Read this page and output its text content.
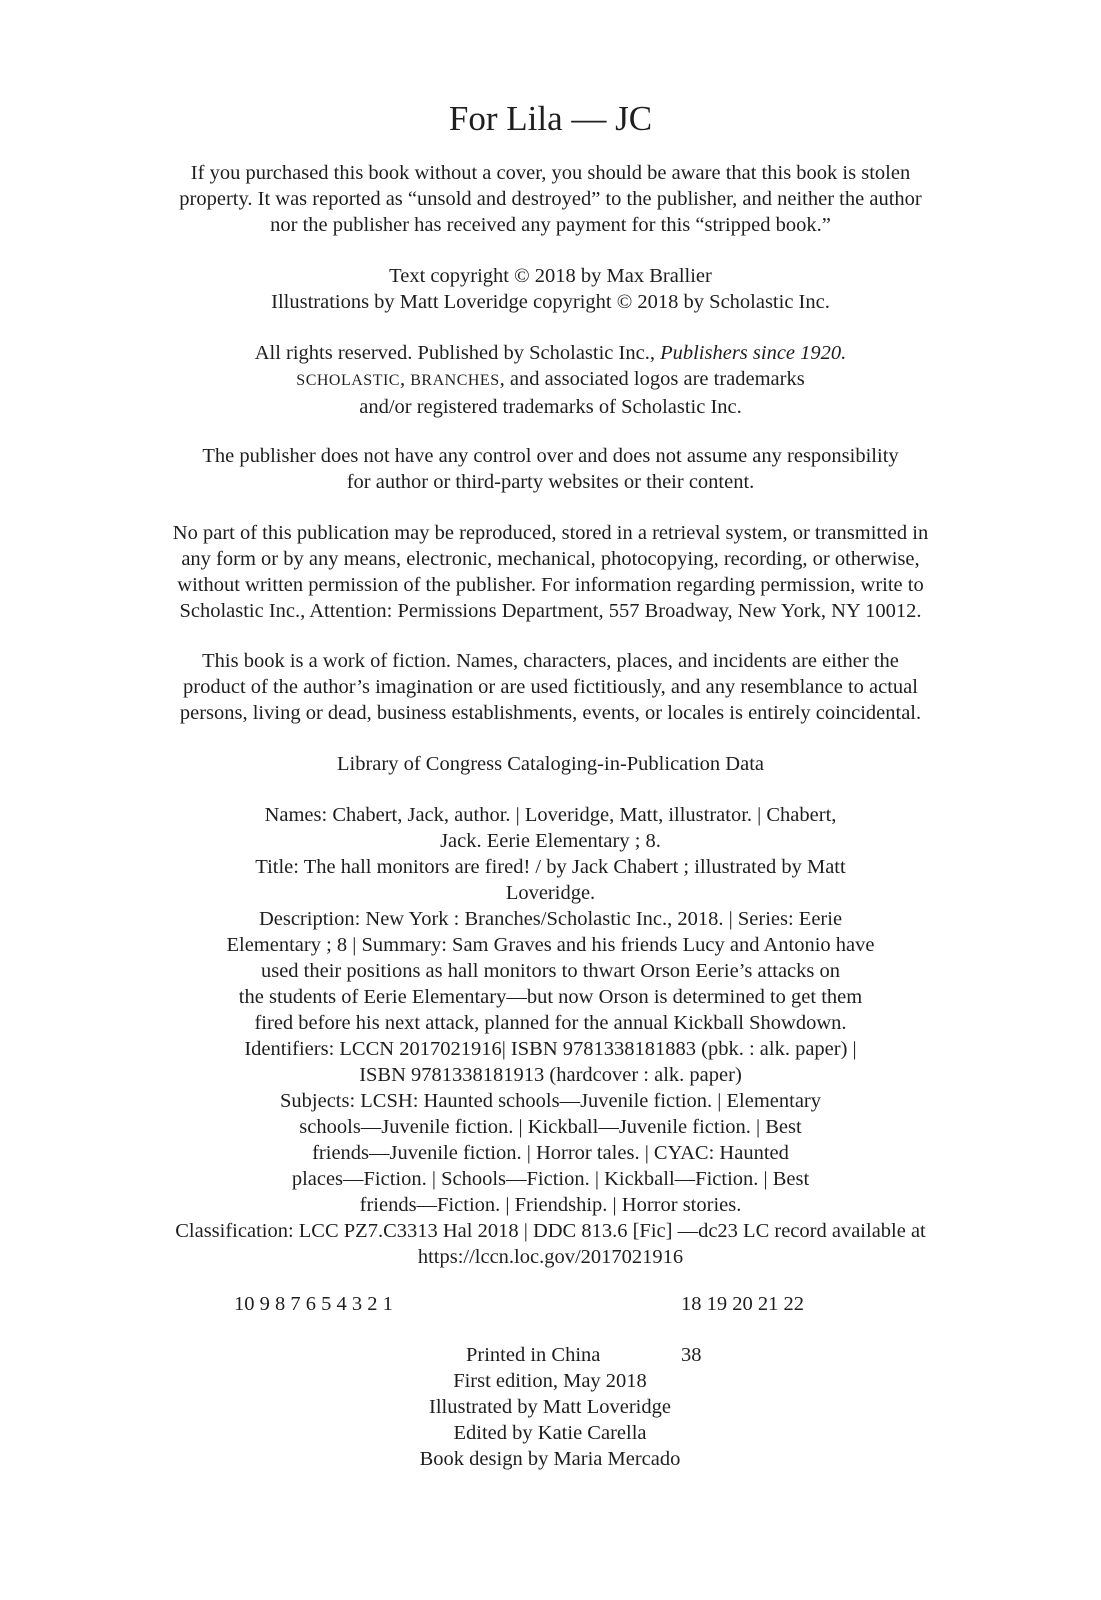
For Lila — JC

If you purchased this book without a cover, you should be aware that this book is stolen
property. It was reported as “unsold and destroyed” to the publisher, and neither the author
nor the publisher has received any payment for this “stripped book.”

Text copyright © 2018 by Max Brallier
Illustrations by Matt Loveridge copyright © 2018 by Scholastic Inc.

All rights reserved. Published by Scholastic Inc., Publishers since 1920.
SCHOLASTIC, BRANCHES, and associated logos are trademarks
and/or registered trademarks of Scholastic Inc.

The publisher does not have any control over and does not assume any responsibility
for author or third-party websites or their content.

No part of this publication may be reproduced, stored in a retrieval system, or transmitted in
any form or by any means, electronic, mechanical, photocopying, recording, or otherwise,
without written permission of the publisher. For information regarding permission, write to
Scholastic Inc., Attention: Permissions Department, 557 Broadway, New York, NY 10012.

This book is a work of fiction. Names, characters, places, and incidents are either the
product of the author’s imagination or are used fictitiously, and any resemblance to actual
persons, living or dead, business establishments, events, or locales is entirely coincidental.

Library of Congress Cataloging-in-Publication Data

Names: Chabert, Jack, author. | Loveridge, Matt, illustrator. | Chabert,
Jack. Eerie Elementary ; 8.
Title: The hall monitors are fired! / by Jack Chabert ; illustrated by Matt
Loveridge.
Description: New York : Branches/Scholastic Inc., 2018. | Series: Eerie
Elementary ; 8 | Summary: Sam Graves and his friends Lucy and Antonio have
used their positions as hall monitors to thwart Orson Eerie’s attacks on
the students of Eerie Elementary—but now Orson is determined to get them
fired before his next attack, planned for the annual Kickball Showdown.
Identifiers: LCCN 2017021916| ISBN 9781338181883 (pbk. : alk. paper) |
ISBN 9781338181913 (hardcover : alk. paper)
Subjects: LCSH: Haunted schools—Juvenile fiction. | Elementary
schools—Juvenile fiction. | Kickball—Juvenile fiction. | Best
friends—Juvenile fiction. | Horror tales. | CYAC: Haunted
places—Fiction. | Schools—Fiction. | Kickball—Fiction. | Best
friends—Fiction. | Friendship. | Horror stories.
Classification: LCC PZ7.C3313 Hal 2018 | DDC 813.6 [Fic] —dc23 LC record available at
https://lccn.loc.gov/2017021916

10 9 8 7 6 5 4 3 2 1	18 19 20 21 22
Printed in China	38

First edition, May 2018
Illustrated by Matt Loveridge
Edited by Katie Carella
Book design by Maria Mercado
